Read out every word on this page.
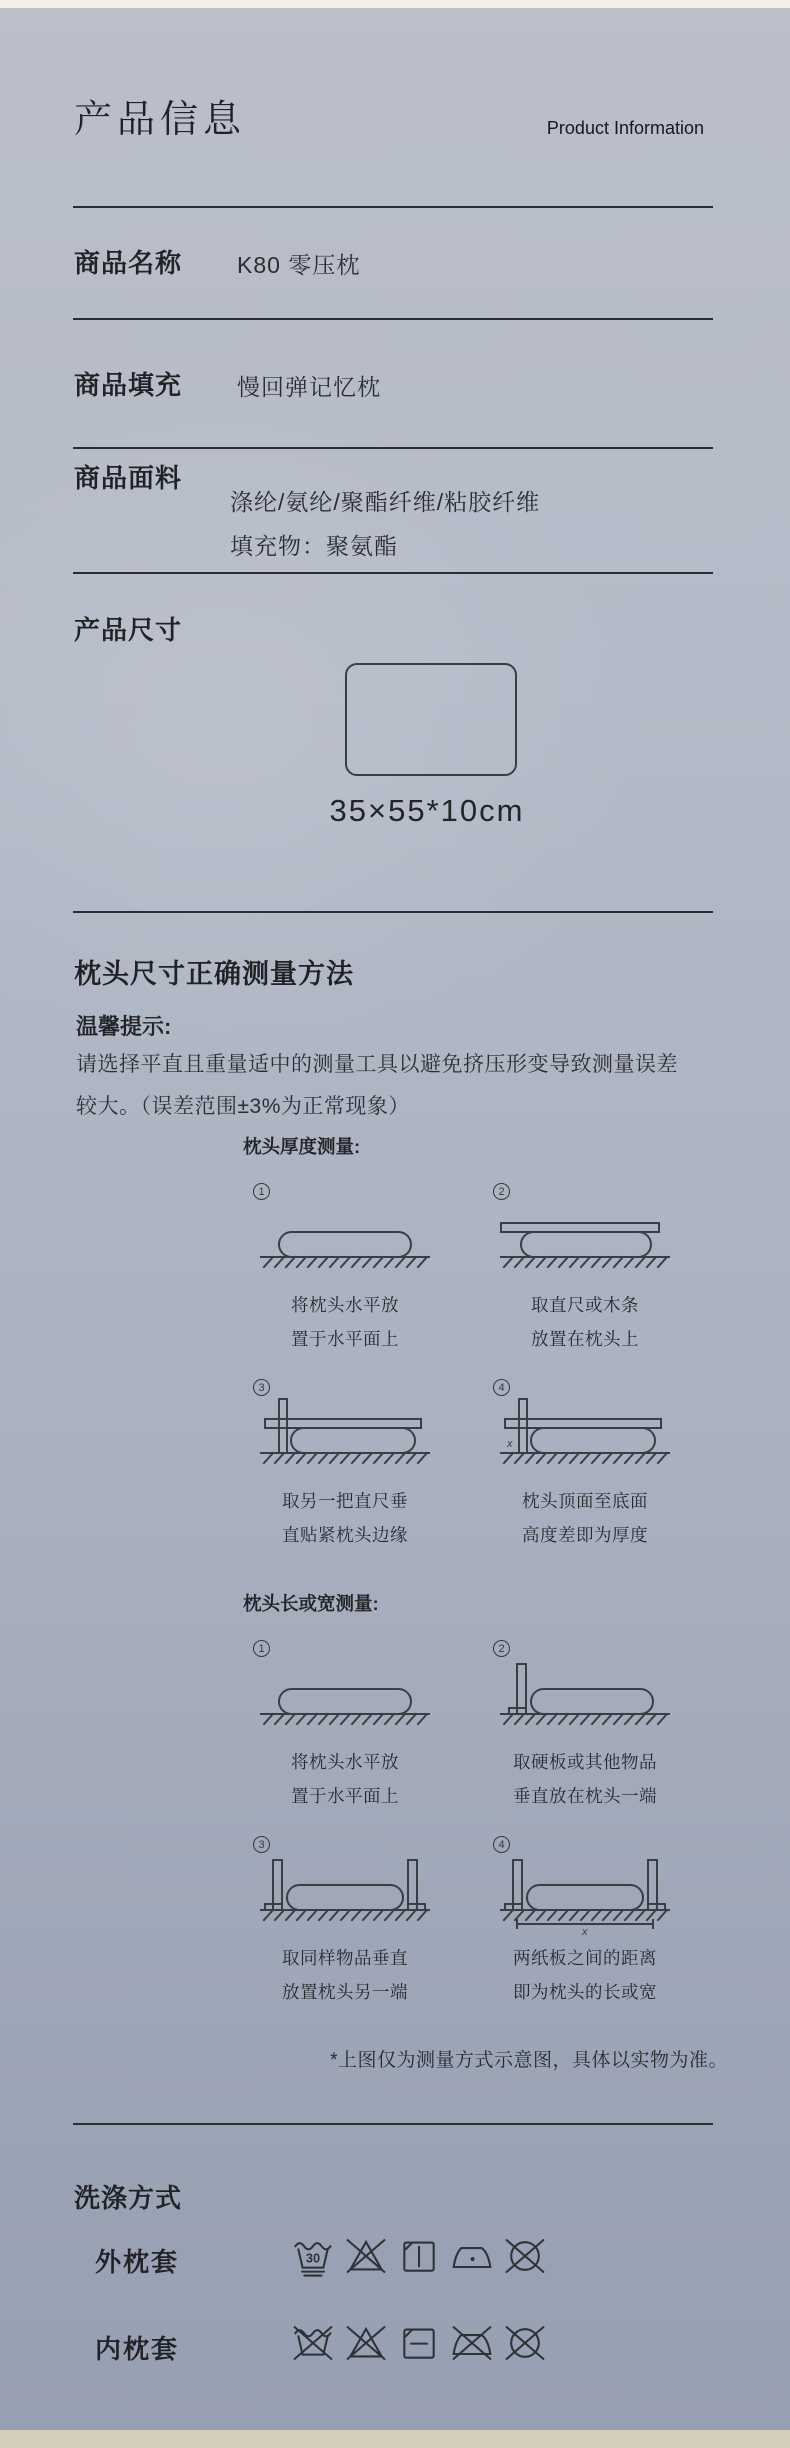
产品信息	Product Information
商品名称 K80 零压枕
商品填充 慢回弹记忆枕
商品面料
涤纶/氨纶/聚酯纤维/粘胶纤维
填充物：聚氨酯
产品尺寸
35×55*10cm
枕头尺寸正确测量方法
温馨提示:
请选择平直且重量适中的测量工具以避免挤压形变导致测量误差
较大。（误差范围±3%为正常现象）
枕头厚度测量:
1
将枕头水平放
置于水平面上
2
取直尺或木条
放置在枕头上
3
取另一把直尺垂
直贴紧枕头边缘
4
x
枕头顶面至底面
高度差即为厚度
枕头长或宽测量:
1
将枕头水平放
置于水平面上
2
取硬板或其他物品
垂直放在枕头一端
3
取同样物品垂直
放置枕头另一端
4
x
两纸板之间的距离
即为枕头的长或宽
*上图仅为测量方式示意图，具体以实物为准。
洗涤方式
外枕套	30
内枕套
